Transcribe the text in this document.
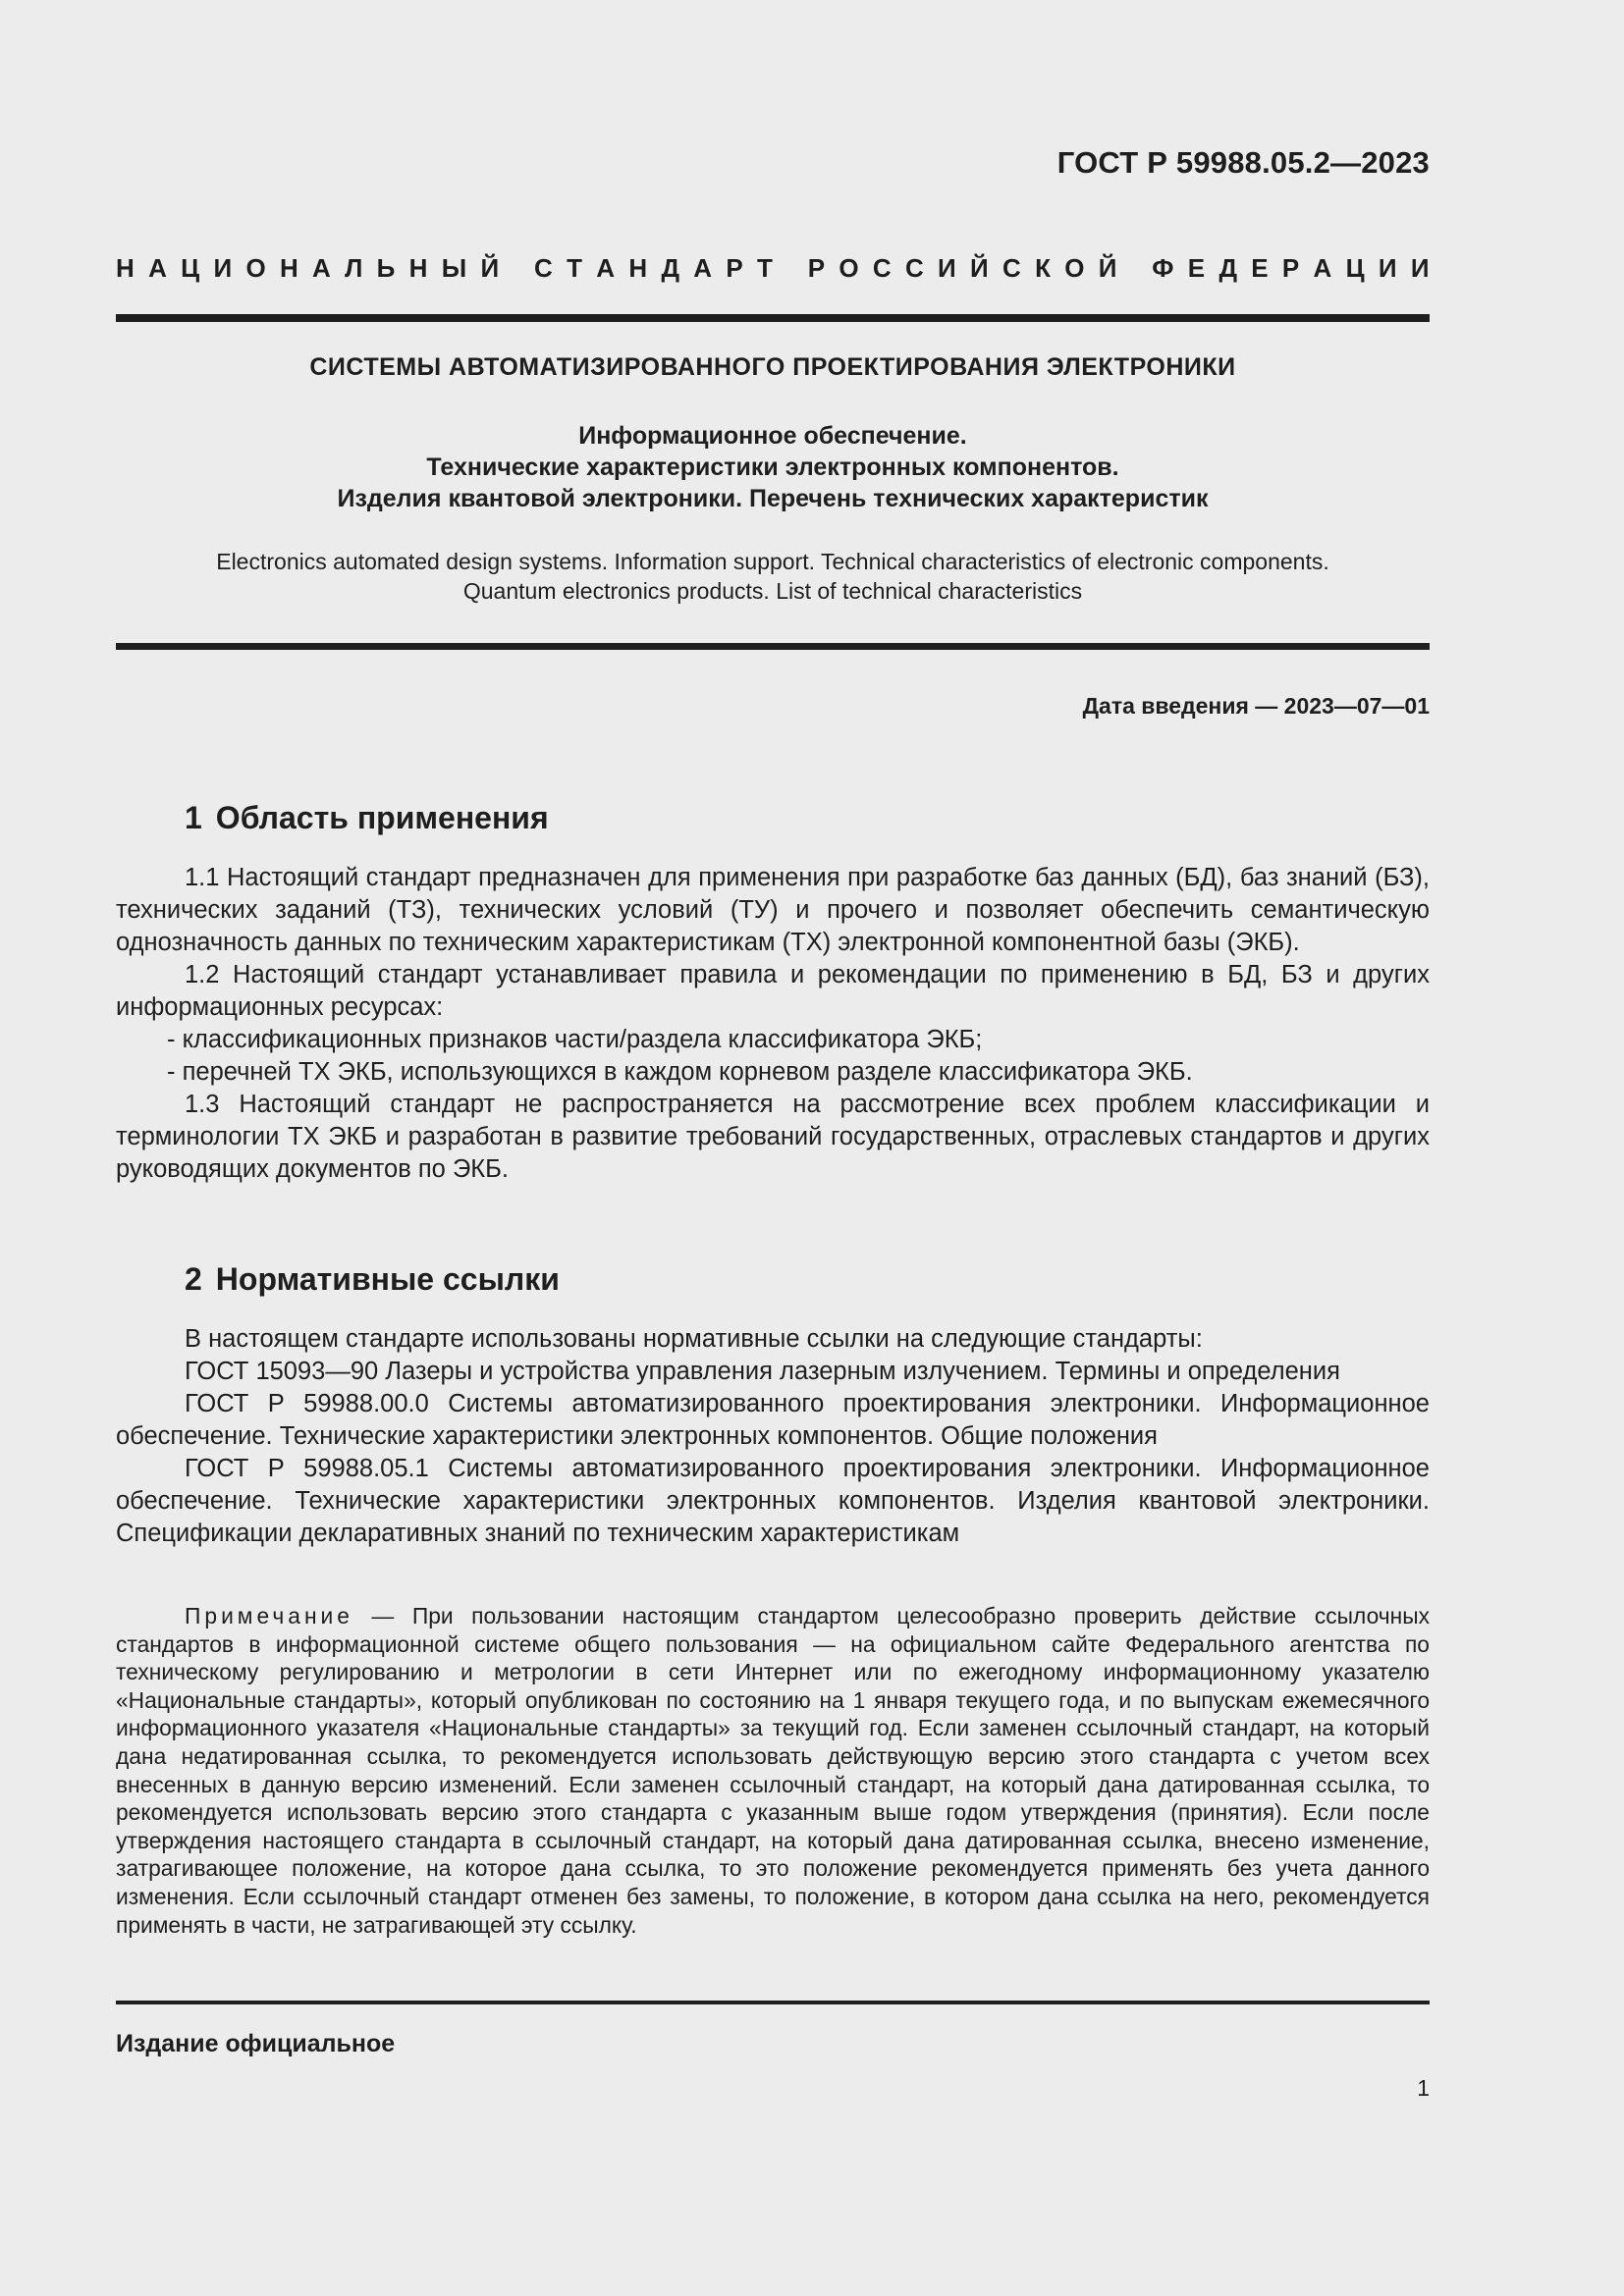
ГОСТ Р 59988.05.2—2023
Н А Ц И О Н А Л Ь Н Ы Й
С Т А Н Д А Р Т
Р О С С И Й С К О Й
Ф Е Д Е Р А Ц И И
СИСТЕМЫ АВТОМАТИЗИРОВАННОГО ПРОЕКТИРОВАНИЯ ЭЛЕКТРОНИКИ
Информационное обеспечение.
Технические характеристики электронных компонентов.
Изделия квантовой электроники. Перечень технических характеристик
Electronics automated design systems. Information support. Technical characteristics of electronic components.
Quantum electronics products. List of technical characteristics
Дата введения — 2023—07—01
1 Область применения

1.1 Настоящий стандарт предназначен для применения при разработке баз данных (БД), баз знаний (БЗ), технических заданий (ТЗ), технических условий (ТУ) и прочего и позволяет обеспечить семантическую однозначность данных по техническим характеристикам (ТХ) электронной компонентной базы (ЭКБ).

1.2 Настоящий стандарт устанавливает правила и рекомендации по применению в БД, БЗ и других информационных ресурсах:

- классификационных признаков части/раздела классификатора ЭКБ;

- перечней ТХ ЭКБ, использующихся в каждом корневом разделе классификатора ЭКБ.

1.3 Настоящий стандарт не распространяется на рассмотрение всех проблем классификации и терминологии ТХ ЭКБ и разработан в развитие требований государственных, отраслевых стандартов и других руководящих документов по ЭКБ.

2 Нормативные ссылки

В настоящем стандарте использованы нормативные ссылки на следующие стандарты:

ГОСТ 15093—90 Лазеры и устройства управления лазерным излучением. Термины и определения

ГОСТ Р 59988.00.0 Системы автоматизированного проектирования электроники. Информационное обеспечение. Технические характеристики электронных компонентов. Общие положения

ГОСТ Р 59988.05.1 Системы автоматизированного проектирования электроники. Информационное обеспечение. Технические характеристики электронных компонентов. Изделия квантовой электроники. Спецификации декларативных знаний по техническим характеристикам

Примечание — При пользовании настоящим стандартом целесообразно проверить действие ссылочных стандартов в информационной системе общего пользования — на официальном сайте Федерального агентства по техническому регулированию и метрологии в сети Интернет или по ежегодному информационному указателю «Национальные стандарты», который опубликован по состоянию на 1 января текущего года, и по выпускам ежемесячного информационного указателя «Национальные стандарты» за текущий год. Если заменен ссылочный стандарт, на который дана недатированная ссылка, то рекомендуется использовать действующую версию этого стандарта с учетом всех внесенных в данную версию изменений. Если заменен ссылочный стандарт, на который дана датированная ссылка, то рекомендуется использовать версию этого стандарта с указанным выше годом утверждения (принятия). Если после утверждения настоящего стандарта в ссылочный стандарт, на который дана датированная ссылка, внесено изменение, затрагивающее положение, на которое дана ссылка, то это положение рекомендуется применять без учета данного изменения. Если ссылочный стандарт отменен без замены, то положение, в котором дана ссылка на него, рекомендуется применять в части, не затрагивающей эту ссылку.

Издание официальное
1
